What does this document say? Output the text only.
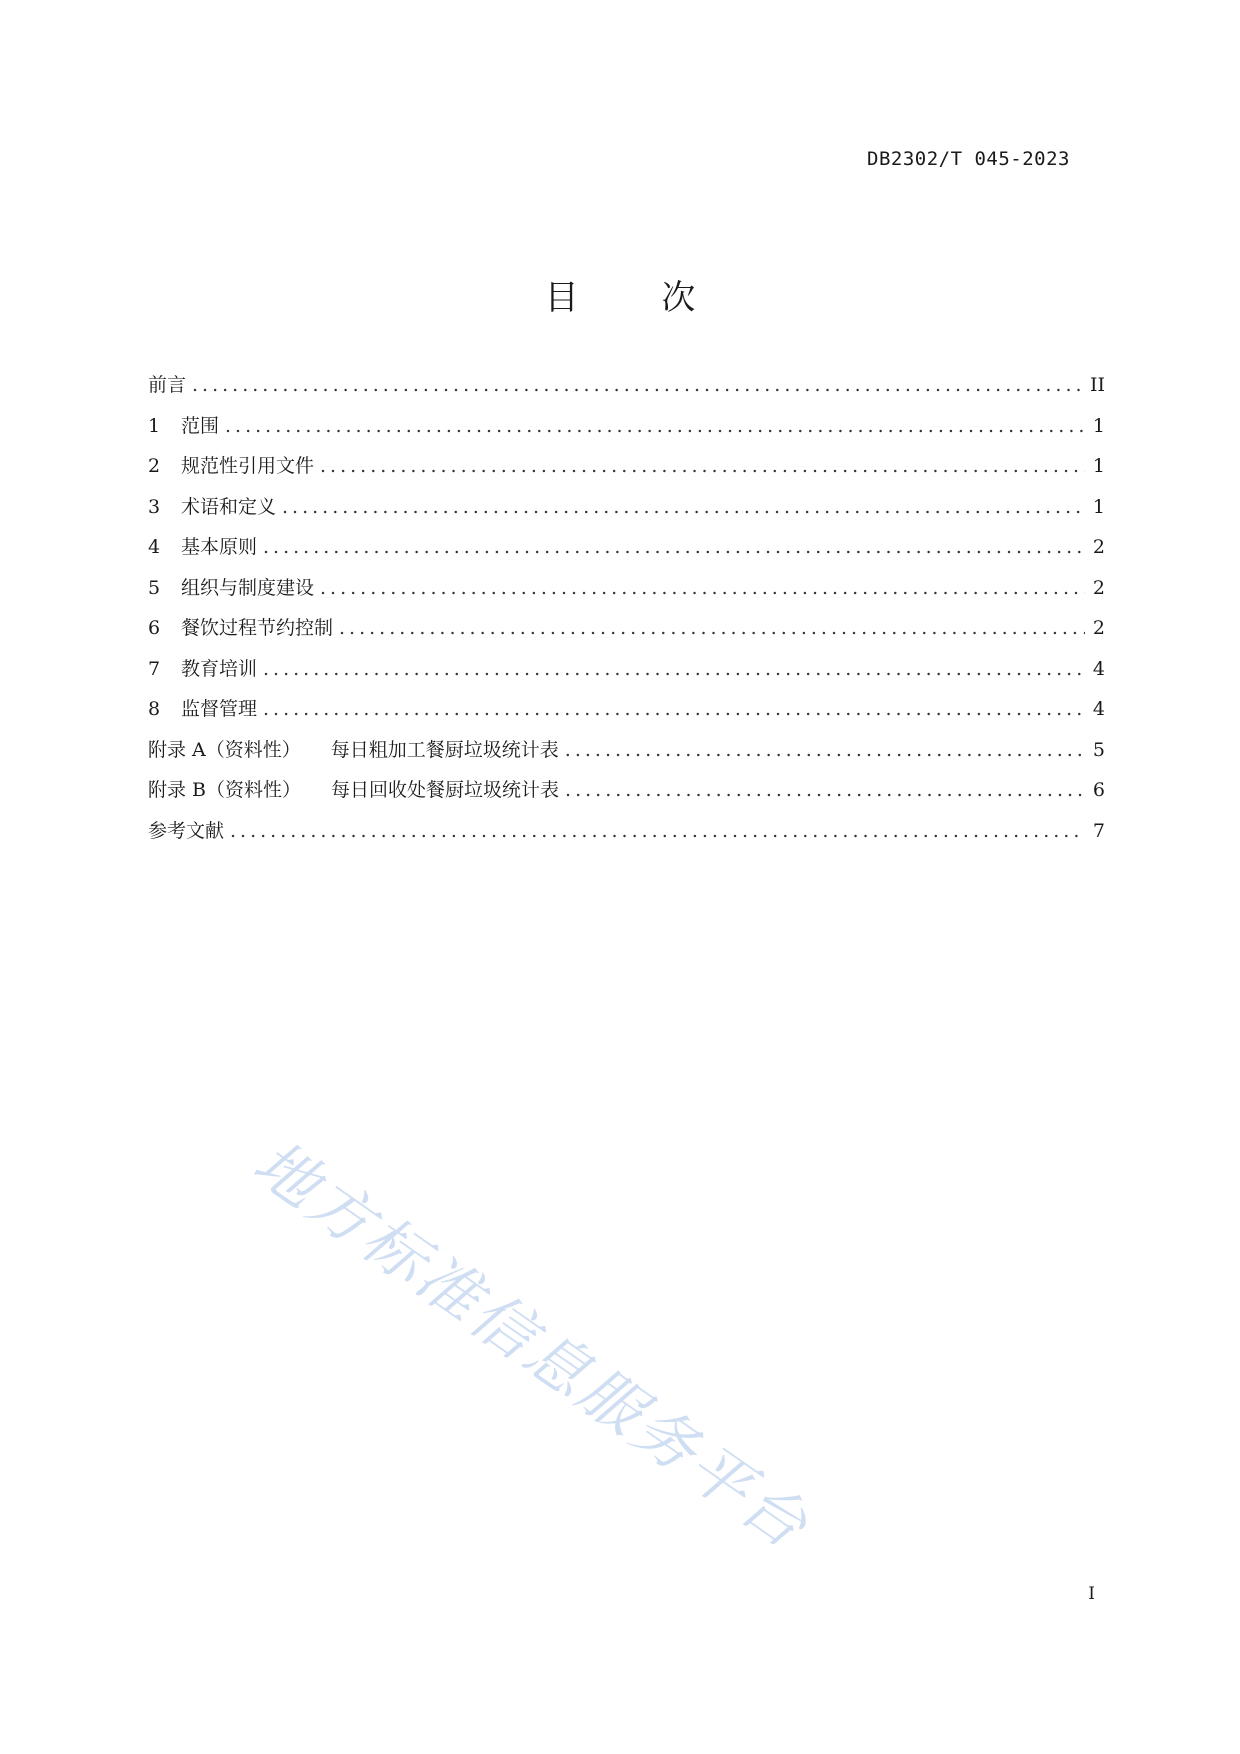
DB2302/T 045-2023
目 次
前言 .....	II
1	范围 .....	1
2	规范性引用文件 .....	1
3	术语和定义 .....	1
4	基本原则 .....	2
5	组织与制度建设 .....	2
6	餐饮过程节约控制 .....	2
7	教育培训 .....	4
8	监督管理 .....	4
附录 A（资料性） 每日粗加工餐厨垃圾统计表 .....	5
附录 B（资料性） 每日回收处餐厨垃圾统计表 .....	6
参考文献 .....	7
地方标准信息服务平台
I
